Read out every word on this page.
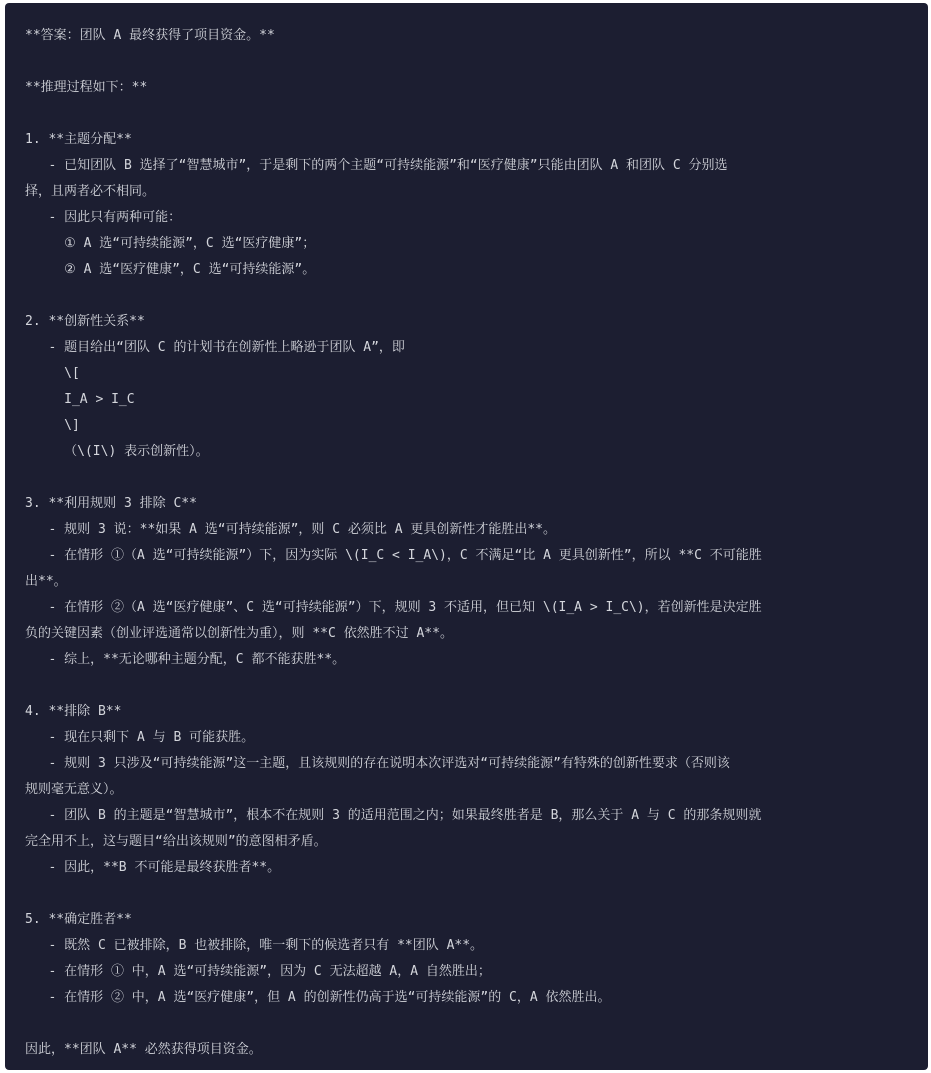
**答案：团队 A 最终获得了项目资金。**
**推理过程如下：**
1. **主题分配**
- 已知团队 B 选择了“智慧城市”，于是剩下的两个主题“可持续能源”和“医疗健康”只能由团队 A 和团队 C 分别选
择，且两者必不相同。
- 因此只有两种可能：
① A 选“可持续能源”，C 选“医疗健康”；
② A 选“医疗健康”，C 选“可持续能源”。
2. **创新性关系**
- 题目给出“团队 C 的计划书在创新性上略逊于团队 A”，即
\[
I_A > I_C
\]
（\(I\) 表示创新性）。
3. **利用规则 3 排除 C**
- 规则 3 说：**如果 A 选“可持续能源”，则 C 必须比 A 更具创新性才能胜出**。
- 在情形 ①（A 选“可持续能源”）下，因为实际 \(I_C < I_A\)，C 不满足“比 A 更具创新性”，所以 **C 不可能胜
出**。
- 在情形 ②（A 选“医疗健康”、C 选“可持续能源”）下，规则 3 不适用，但已知 \(I_A > I_C\)，若创新性是决定胜
负的关键因素（创业评选通常以创新性为重），则 **C 依然胜不过 A**。
- 综上，**无论哪种主题分配，C 都不能获胜**。
4. **排除 B**
- 现在只剩下 A 与 B 可能获胜。
- 规则 3 只涉及“可持续能源”这一主题，且该规则的存在说明本次评选对“可持续能源”有特殊的创新性要求（否则该
规则毫无意义）。
- 团队 B 的主题是“智慧城市”，根本不在规则 3 的适用范围之内；如果最终胜者是 B，那么关于 A 与 C 的那条规则就
完全用不上，这与题目“给出该规则”的意图相矛盾。
- 因此，**B 不可能是最终获胜者**。
5. **确定胜者**
- 既然 C 已被排除，B 也被排除，唯一剩下的候选者只有 **团队 A**。
- 在情形 ① 中，A 选“可持续能源”，因为 C 无法超越 A，A 自然胜出；
- 在情形 ② 中，A 选“医疗健康”，但 A 的创新性仍高于选“可持续能源”的 C，A 依然胜出。
因此，**团队 A** 必然获得项目资金。
